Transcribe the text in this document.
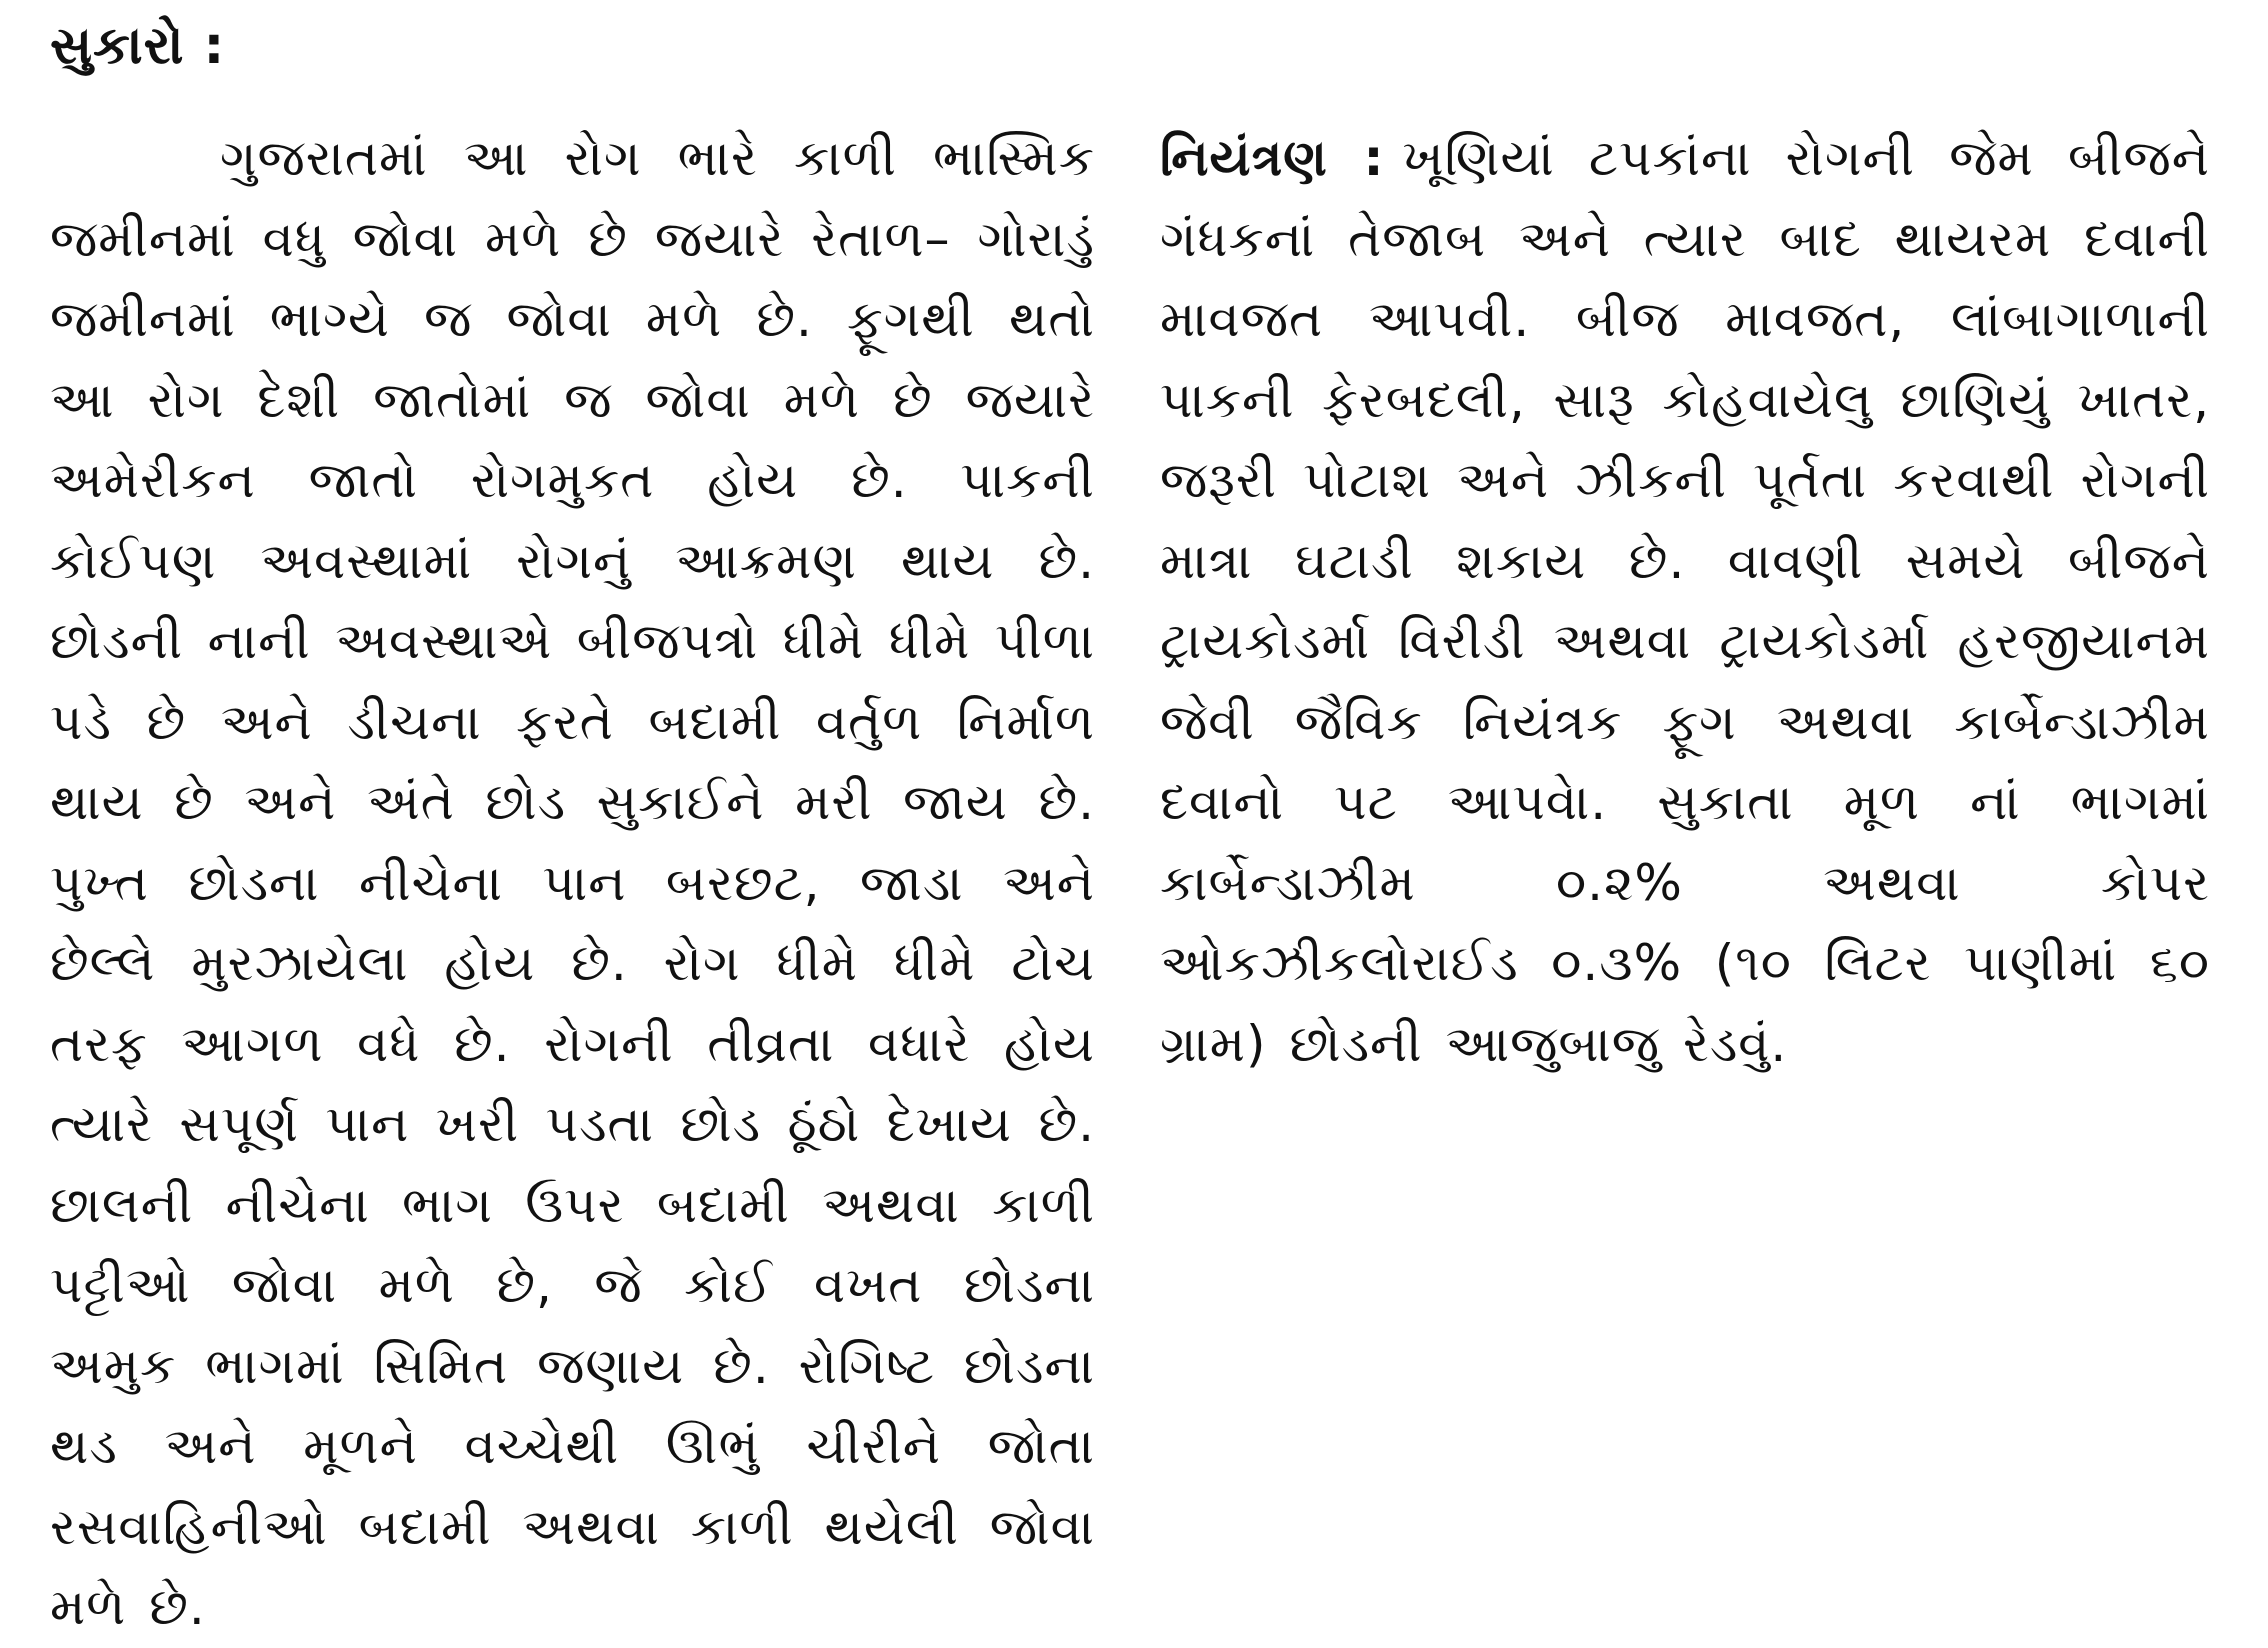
સુકારો :

ગુજરાતમાં આ રોગ ભારે કાળી ભાસ્મિક જમીનમાં વધુ જોવા મળે છે જયારે રેતાળ– ગોરાડું જમીનમાં ભાગ્યે જ જોવા મળે છે. ફૂગથી થતો આ રોગ દેશી જાતોમાં જ જોવા મળે છે જયારે અમેરીકન જાતો રોગમુકત હોય છે. પાકની કોઈપણ અવસ્થામાં રોગનું આક્રમણ થાય છે. છોડની નાની અવસ્થાએ બીજપત્રો ધીમે ધીમે પીળા પડે છે અને ડીચના ફરતે બદામી વર્તુળ નિર્માળ થાય છે અને અંતે છોડ સુકાઈને મરી જાય છે. પુખ્ત છોડના નીચેના પાન બરછટ, જાડા અને છેલ્લે મુરઝાયેલા હોય છે. રોગ ધીમે ધીમે ટોચ તરફ આગળ વધે છે. રોગની તીવ્રતા વધારે હોય ત્યારે સપૂર્ણ પાન ખરી પડતા છોડ ઠૂંઠો દેખાય છે. છાલની નીચેના ભાગ ઉપર બદામી અથવા કાળી પટ્ટીઓ જોવા મળે છે, જે કોઈ વખત છોડના અમુક ભાગમાં સિમિત જણાય છે. રોગિષ્ટ છોડના થડ અને મૂળને વચ્ચેથી ઊભું ચીરીને જોતા રસવાહિનીઓ બદામી અથવા કાળી થયેલી જોવા મળે છે.

નિયંત્રણ : ખૂણિયાં ટપકાંના રોગની જેમ બીજને ગંધકનાં તેજાબ અને ત્યાર બાદ થાયરમ દવાની માવજત આપવી. બીજ માવજત, લાંબાગાળાની પાકની ફેરબદલી, સારૂ કોહવાયેલુ છાણિયું ખાતર, જરૂરી પોટાશ અને ઝીકની પૂર્તતા કરવાથી રોગની માત્રા ઘટાડી શકાય છે. વાવણી સમયે બીજને ટ્રાયકોડર્મા વિરીડી અથવા ટ્રાયકોડર્મા હરજીયાનમ જેવી જૈવિક નિયંત્રક ફૂગ અથવા કાર્બેન્ડાઝીમ દવાનો પટ આપવેા. સુકાતા મૂળ નાં ભાગમાં કાર્બેન્ડાઝીમ ૦.૨% અથવા કોપર ઓકઝીકલોરાઈડ ૦.૩% (૧૦ લિટર પાણીમાં ૬૦ ગ્રામ) છોડની આજુબાજુ રેડવું.
